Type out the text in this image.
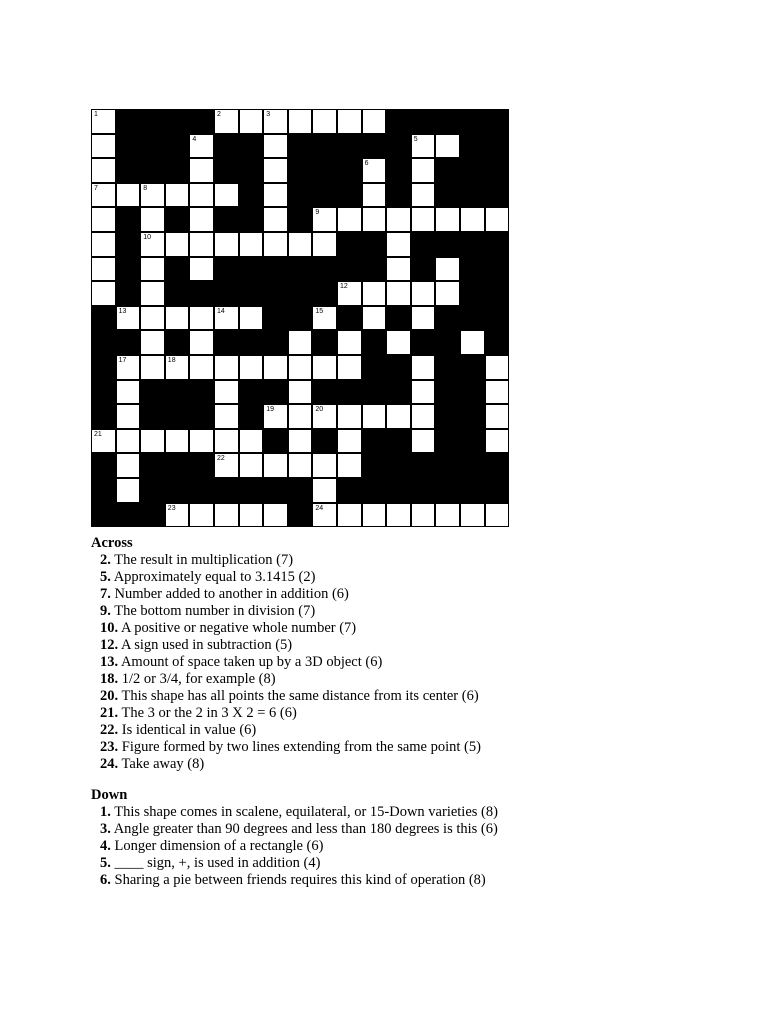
1	2	3
4	5
6
7	8
9
10
12
13	14	15
17	18
19	20
21
22
23	24
Across
2. The result in multiplication (7)
5. Approximately equal to 3.1415 (2)
7. Number added to another in addition (6)
9. The bottom number in division (7)
10. A positive or negative whole number (7)
12. A sign used in subtraction (5)
13. Amount of space taken up by a 3D object (6)
18. 1/2 or 3/4, for example (8)
20. This shape has all points the same distance from its center (6)
21. The 3 or the 2 in 3 X 2 = 6 (6)
22. Is identical in value (6)
23. Figure formed by two lines extending from the same point (5)
24. Take away (8)
Down
1. This shape comes in scalene, equilateral, or 15-Down varieties (8)
3. Angle greater than 90 degrees and less than 180 degrees is this (6)
4. Longer dimension of a rectangle (6)
5. ____ sign, +, is used in addition (4)
6. Sharing a pie between friends requires this kind of operation (8)
